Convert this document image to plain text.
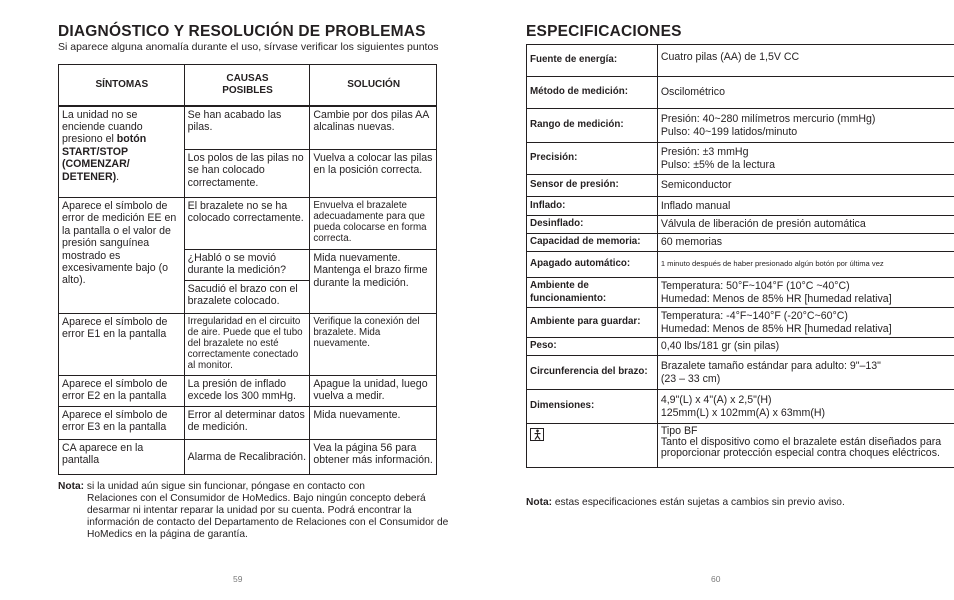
DIAGNÓSTICO Y RESOLUCIÓN DE PROBLEMAS
Si aparece alguna anomalía durante el uso, sírvase verificar los siguientes puntos
SÍNTOMAS	CAUSAS POSIBLES	SOLUCIÓN
La unidad no se enciende cuando presiono el botón START/STOP (COMENZAR/ DETENER).	Se han acabado las pilas.	Cambie por dos pilas AA alcalinas nuevas.
	Los polos de las pilas no se han colocado correctamente.	Vuelva a colocar las pilas en la posición correcta.
Aparece el símbolo de error de medición EE en la pantalla o el valor de presión sanguínea mostrado es excesivamente bajo (o alto).	El brazalete no se ha colocado correctamente.	Envuelva el brazalete adecuadamente para que pueda colocarse en forma correcta.
	¿Habló o se movió durante la medición?	Mida nuevamente. Mantenga el brazo firme durante la medición.
	Sacudió el brazo con el brazalete colocado.	
Aparece el símbolo de error E1 en la pantalla	Irregularidad en el circuito de aire. Puede que el tubo del brazalete no esté correctamente conectado al monitor.	Verifique la conexión del brazalete. Mida nuevamente.
Aparece el símbolo de error E2 en la pantalla	La presión de inflado excede los 300 mmHg.	Apague la unidad, luego vuelva a medir.
Aparece el símbolo de error E3 en la pantalla	Error al determinar datos de medición.	Mida nuevamente.
CA aparece en la pantalla	Alarma de Recalibración.	Vea la página 56 para obtener más información.
Nota: si la unidad aún sigue sin funcionar, póngase en contacto con
Relaciones con el Consumidor de HoMedics. Bajo ningún concepto deberá desarmar ni intentar reparar la unidad por su cuenta. Podrá encontrar la información de contacto del Departamento de Relaciones con el Consumidor de HoMedics en la página de garantía.
59
ESPECIFICACIONES
Fuente de energía:	Cuatro pilas (AA) de 1,5V CC
Método de medición:	Oscilométrico
Rango de medición:	Presión: 40~280 milímetros mercurio (mmHg)
Pulso: 40~199 latidos/minuto

Precisión:	Presión: ±3 mmHg
Pulso: ±5% de la lectura

Sensor de presión:	Semiconductor
Inflado:	Inflado manual
Desinflado:	Válvula de liberación de presión automática
Capacidad de memoria:	60 memorias
Apagado automático:	1 minuto después de haber presionado algún botón por última vez
Ambiente de funcionamiento:	Temperatura: 50°F~104°F (10°C ~40°C)
Humedad: Menos de 85% HR [humedad relativa]

Ambiente para guardar:	Temperatura: -4°F~140°F (-20°C~60°C)
Humedad: Menos de 85% HR [humedad relativa]

Peso:	0,40 lbs/181 gr (sin pilas)
Circunferencia del brazo:	Brazalete tamaño estándar para adulto: 9"–13"
(23 – 33 cm)

Dimensiones:	4,9"(L) x 4"(A) x 2,5"(H)
125mm(L) x 102mm(A) x 63mm(H)

Tipo BF
Tanto el dispositivo como el brazalete están diseñados para proporcionar protección especial contra choques eléctricos.
Nota: estas especificaciones están sujetas a cambios sin previo aviso.
60
